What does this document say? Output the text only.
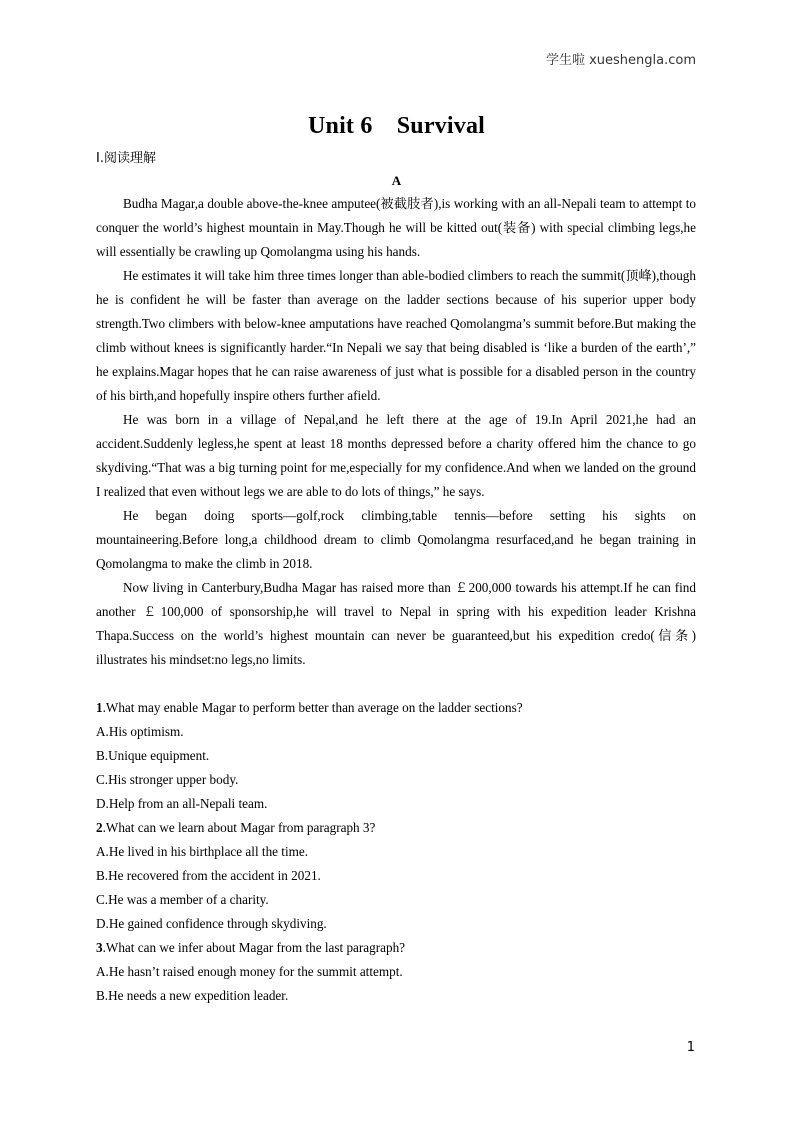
学生啦 xueshengla.com
Unit 6　Survival
Ⅰ.阅读理解
A

Budha Magar,a double above-the-knee amputee(被截肢者),is working with an all-Nepali team to attempt to conquer the world’s highest mountain in May.Though he will be kitted out(装备) with special climbing legs,he will essentially be crawling up Qomolangma using his hands.

He estimates it will take him three times longer than able-bodied climbers to reach the summit(顶峰),though he is confident he will be faster than average on the ladder sections because of his superior upper body strength.Two climbers with below-knee amputations have reached Qomolangma’s summit before.But making the climb without knees is significantly harder.“In Nepali we say that being disabled is ‘like a burden of the earth’,” he explains.Magar hopes that he can raise awareness of just what is possible for a disabled person in the country of his birth,and hopefully inspire others further afield.

He was born in a village of Nepal,and he left there at the age of 19.In April 2021,he had an accident.Suddenly legless,he spent at least 18 months depressed before a charity offered him the chance to go skydiving.“That was a big turning point for me,especially for my confidence.And when we landed on the ground I realized that even without legs we are able to do lots of things,” he says.

He began doing sports—golf,rock climbing,table tennis—before setting his sights on mountaineering.Before long,a childhood dream to climb Qomolangma resurfaced,and he began training in Qomolangma to make the climb in 2018.

Now living in Canterbury,Budha Magar has raised more than ￡200,000 towards his attempt.If he can find another ￡100,000 of sponsorship,he will travel to Nepal in spring with his expedition leader Krishna Thapa.Success on the world’s highest mountain can never be guaranteed,but his expedition credo(信条) illustrates his mindset:no legs,no limits.

1.What may enable Magar to perform better than average on the ladder sections?

A.His optimism.

B.Unique equipment.

C.His stronger upper body.

D.Help from an all-Nepali team.

2.What can we learn about Magar from paragraph 3?

A.He lived in his birthplace all the time.

B.He recovered from the accident in 2021.

C.He was a member of a charity.

D.He gained confidence through skydiving.

3.What can we infer about Magar from the last paragraph?

A.He hasn’t raised enough money for the summit attempt.

B.He needs a new expedition leader.

1
